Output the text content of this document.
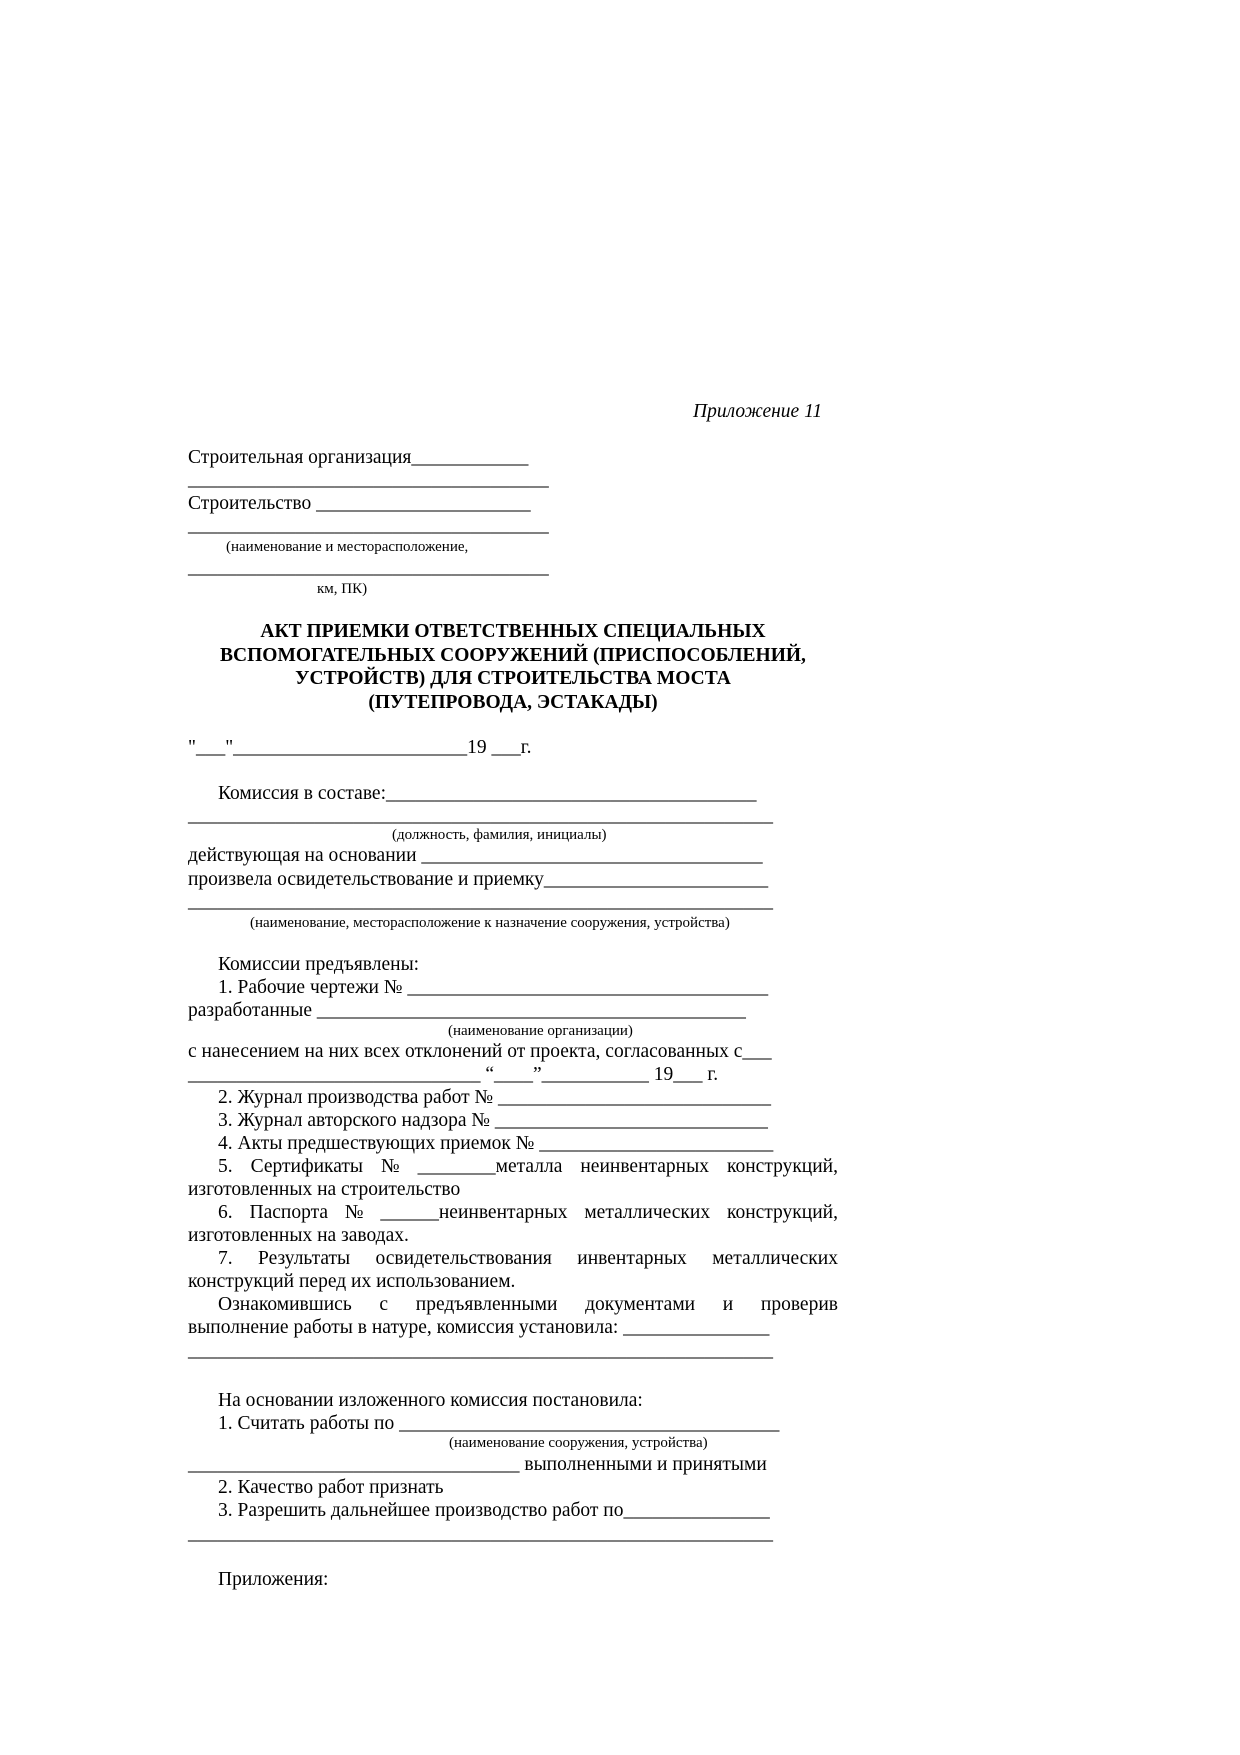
Приложение 11
Строительная организация____________
_____________________________________
Строительство ______________________
_____________________________________
(наименование и месторасположение,
_____________________________________
км, ПК)
АКТ ПРИЕМКИ ОТВЕТСТВЕННЫХ СПЕЦИАЛЬНЫХ
ВСПОМОГАТЕЛЬНЫХ СООРУЖЕНИЙ (ПРИСПОСОБЛЕНИЙ,
УСТРОЙСТВ) ДЛЯ СТРОИТЕЛЬСТВА МОСТА
(ПУТЕПРОВОДА, ЭСТАКАДЫ)
"___"________________________19 ___г.
Комиссия в составе:______________________________________
____________________________________________________________
(должность, фамилия, инициалы)
действующая на основании ___________________________________
произвела освидетельствование и приемку_______________________
____________________________________________________________
(наименование, месторасположение к назначение сооружения, устройства)
Комиссии предъявлены:
1. Рабочие чертежи № _____________________________________
разработанные ____________________________________________
(наименование организации)
с нанесением на них всех отклонений от проекта, согласованных с___
______________________________ “____”___________ 19___ г.
2. Журнал производства работ № ____________________________
3. Журнал авторского надзора № ____________________________
4. Акты предшествующих приемок № ________________________
5. Сертификаты № ________металла неинвентарных конструкций,
изготовленных на строительство
6. Паспорта № ______неинвентарных металлических конструкций,
изготовленных на заводах.
7. Результаты освидетельствования инвентарных металлических
конструкций перед их использованием.
Ознакомившись с предъявленными документами и проверив
выполнение работы в натуре, комиссия установила: _______________
____________________________________________________________
На основании изложенного комиссия постановила:
1. Считать работы по _______________________________________
(наименование сооружения, устройства)
__________________________________ выполненными и принятыми
2. Качество работ признать
3. Разрешить дальнейшее производство работ по_______________
____________________________________________________________
Приложения:
